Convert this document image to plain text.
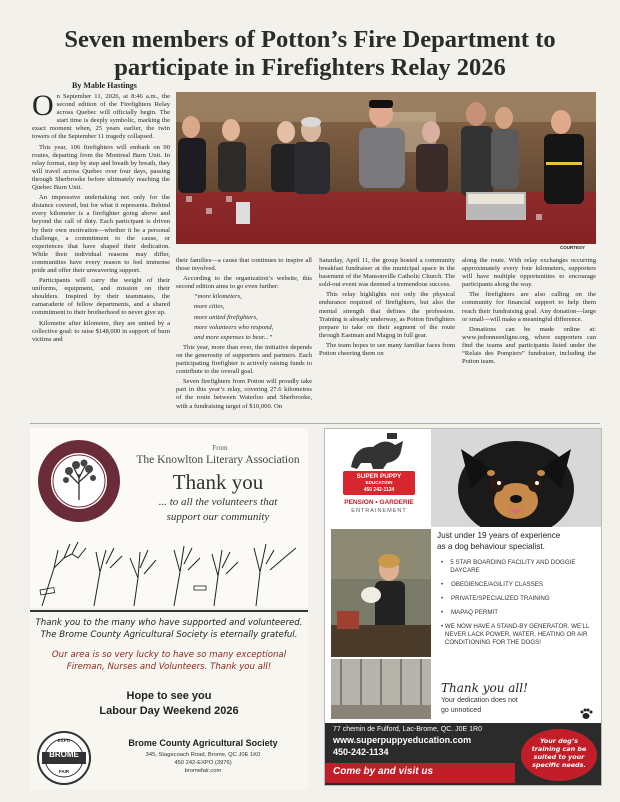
Seven members of Potton’s Fire Department to participate in Firefighters Relay 2026
By Mable Hastings

On September 11, 2026, at 8:46 a.m., the second edition of the Firefighters Relay across Quebec will officially begin. The start time is deeply symbolic, marking the exact moment when, 25 years earlier, the twin towers of the September 11 tragedy collapsed.

This year, 106 firefighters will embark on 90 routes, departing from the Montreal Burn Unit. In relay format, step by step and breath by breath, they will travel across Quebec over four days, passing through Sherbrooke before ultimately reaching the Quebec Burn Unit.

An impressive undertaking not only for the distance covered, but for what it represents. Behind every kilometer is a firefighter going above and beyond the call of duty. Each participant is driven by their own motivation—whether it be a personal challenge, a commitment to the cause, or experiences that have shaped their dedication. While their individual reasons may differ, communities have every reason to feel immense pride and offer their unwavering support.

Participants will carry the weight of their uniforms, equipment, and mission on their shoulders. Inspired by their teammates, the camaraderie of fellow departments, and a shared commitment to their brotherhood to never give up.

Kilometre after kilometre, they are united by a collective goal: to raise $148,000 in support of burn victims and

COURTESY

their families—a cause that continues to inspire all those involved.

According to the organization’s website, this second edition aims to go even further:

“more kilometers,

more cities,

more united firefighters,

more volunteers who respond,

and more expenses to bear...”

This year, more than ever, the initiative depends on the generosity of supporters and partners. Each participating firefighter is actively raising funds to contribute to the overall goal.

Seven firefighters from Potton will proudly take part in this year’s relay, covering 27.6 kilometres of the route between Waterloo and Sherbrooke, with a fundraising target of $10,000. On

Saturday, April 11, the group hosted a community breakfast fundraiser at the municipal space in the basement of the Mansonville Catholic Church. The sold-out event was deemed a tremendous success.

This relay highlights not only the physical endurance required of firefighters, but also the mental strength that defines the profession. Training is already underway, as Potton firefighters prepare to take on their segment of the route through Eastman and Magog in full gear.

The team hopes to see many familiar faces from Potton cheering them on

along the route. With relay exchanges occurring approximately every four kilometers, supporters will have multiple opportunities to encourage participants along the way.

The firefighters are also calling on the community for financial support to help them reach their fundraising goal. Any donation—large or small—will make a meaningful difference.

Donations can be made online at: www.jedonneenligne.org, where supporters can find the teams and participants listed under the “Relais des Pompiers” fundraiser, including the Potton team.

From
The Knowlton Literary Association
Thank you
... to all the volunteers that
support our community
Thank you to the many who have supported and volunteered.
The Brome County Agricultural Society is eternally grateful.
Our area is so very lucky to have so many exceptional
Fireman, Nurses and Volunteers. Thank you all!
Hope to see you
Labour Day Weekend 2026
BROME
EXPO
FAIR
Brome County Agricultural Society
345, Stagecoach Road, Brome, QC J0E 1K0
450 242-EXPO (3976)
bromefair.com
SUPER PUPPY
EDUCATION
450 242-1134
PENSION • GARDERIE
ENTRAINEMENT
Just under 19 years of experience
as a dog behaviour specialist.
•	5 STAR BOARDING FACILITY AND DOGGIE DAYCARE
•	OBEDIENCE/AGILITY CLASSES
•	PRIVATE/SPECIALIZED TRAINING
•	MAPAQ PERMIT
• WE NOW HAVE A STAND-BY GENERATOR. WE’LL NEVER LACK POWER, WATER, HEATING OR AIR CONDITIONING FOR THE DOGS!
Thank you all!
Your dedication does not
go unnoticed
77 chemin de Fulford, Lac-Brome, QC. J0E 1R0
www.superpuppyeducation.com
450-242-1134
Come by and visit us
Your dog’s training can be suited to your specific needs.
